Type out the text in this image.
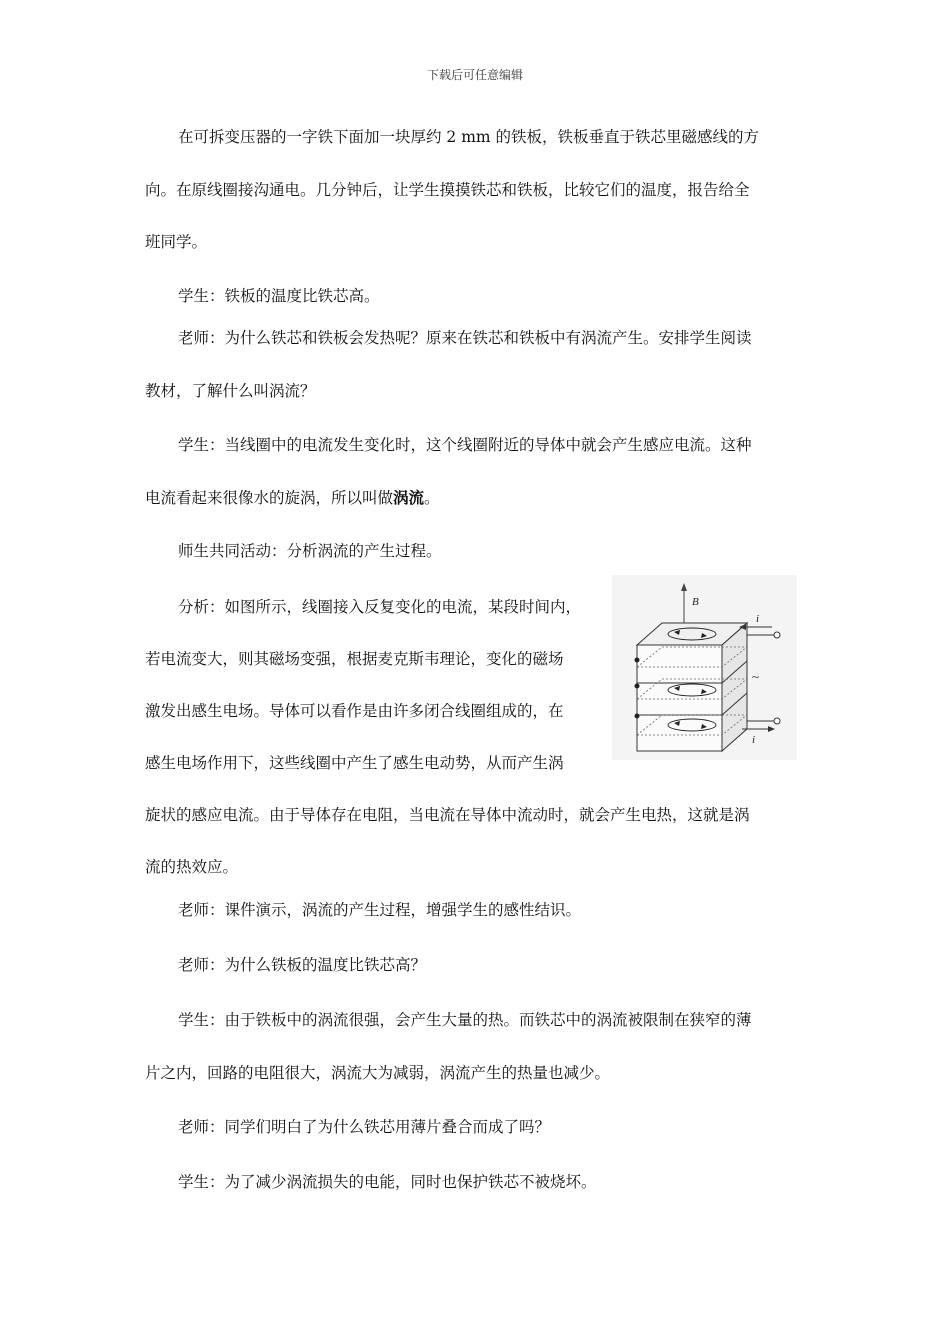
下载后可任意编辑
在可拆变压器的一字铁下面加一块厚约 2 mm 的铁板，铁板垂直于铁芯里磁感线的方
向。在原线圈接沟通电。几分钟后，让学生摸摸铁芯和铁板，比较它们的温度，报告给全
班同学。
学生：铁板的温度比铁芯高。
老师：为什么铁芯和铁板会发热呢？原来在铁芯和铁板中有涡流产生。安排学生阅读
教材，了解什么叫涡流？
学生：当线圈中的电流发生变化时，这个线圈附近的导体中就会产生感应电流。这种
电流看起来很像水的旋涡，所以叫做涡流。
师生共同活动：分析涡流的产生过程。
分析：如图所示，线圈接入反复变化的电流，某段时间内，
若电流变大，则其磁场变强，根据麦克斯韦理论，变化的磁场
激发出感生电场。导体可以看作是由许多闭合线圈组成的，在
感生电场作用下，这些线圈中产生了感生电动势，从而产生涡
旋状的感应电流。由于导体存在电阻，当电流在导体中流动时，就会产生电热，这就是涡
流的热效应。
老师：课件演示，涡流的产生过程，增强学生的感性结识。
老师：为什么铁板的温度比铁芯高？
学生：由于铁板中的涡流很强，会产生大量的热。而铁芯中的涡流被限制在狭窄的薄
片之内，回路的电阻很大，涡流大为减弱，涡流产生的热量也减少。
老师：同学们明白了为什么铁芯用薄片叠合而成了吗？
学生：为了减少涡流损失的电能，同时也保护铁芯不被烧坏。
B
i
i
~
